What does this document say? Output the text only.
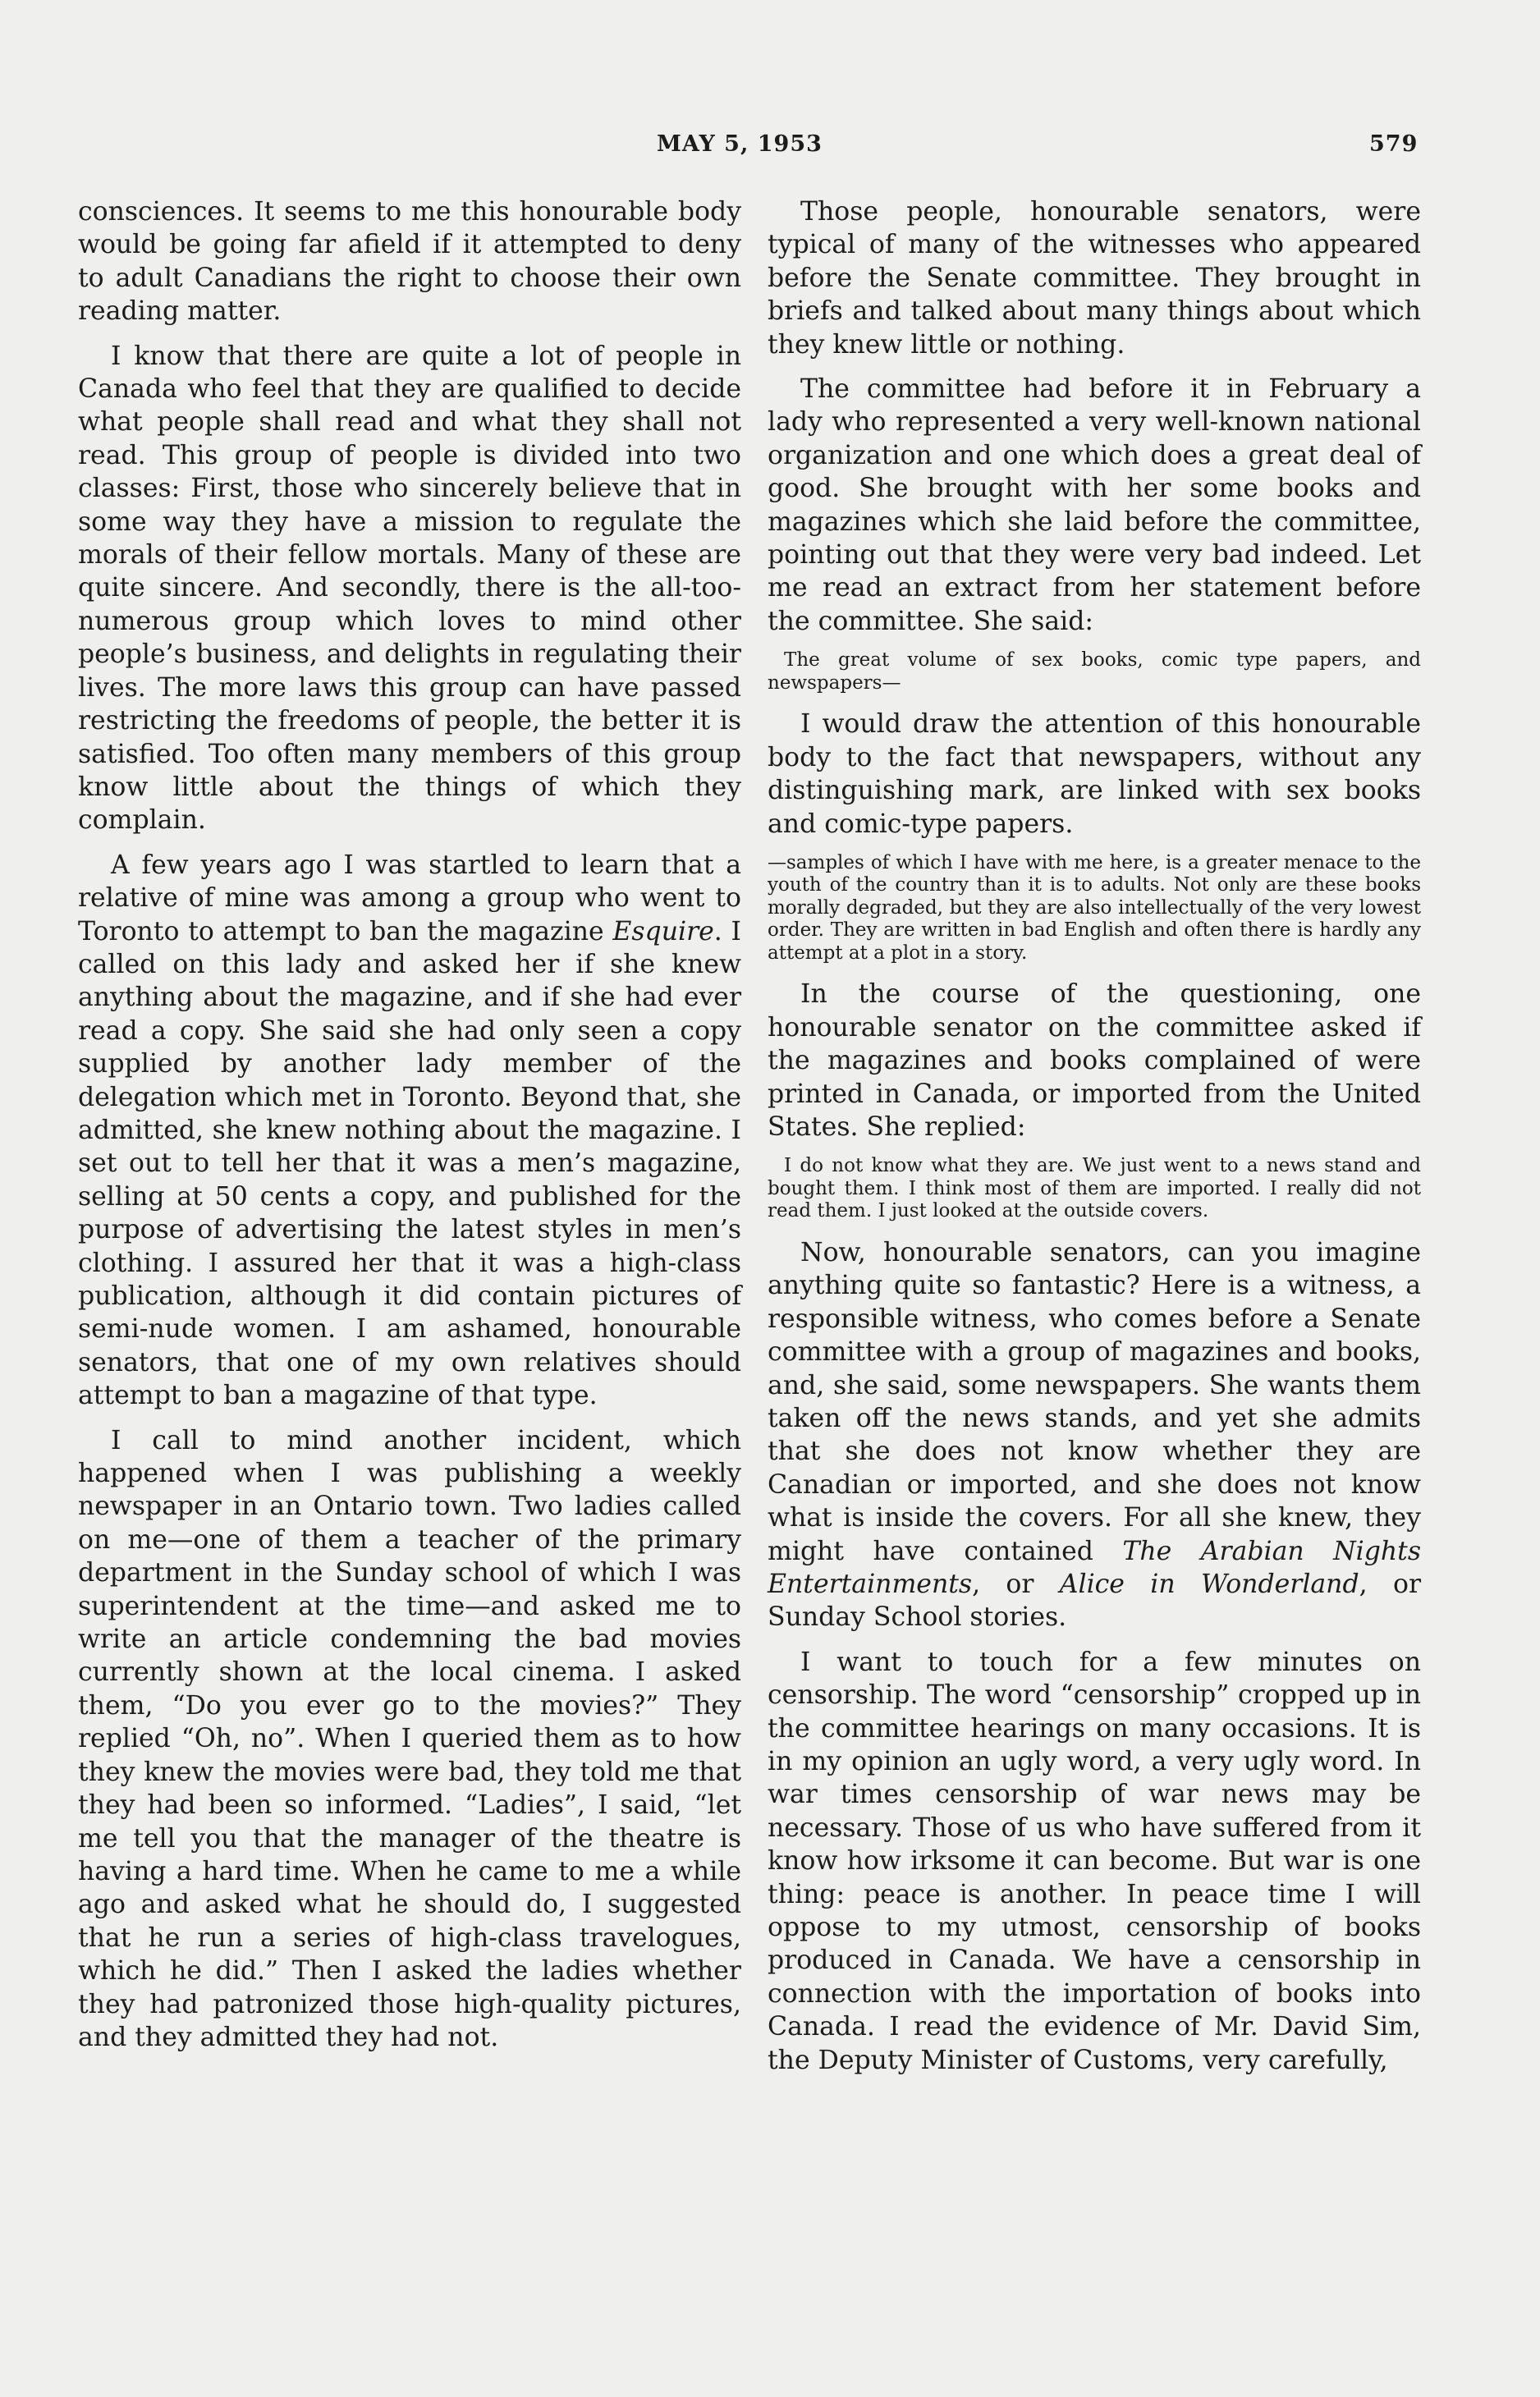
MAY 5, 1953	579

consciences. It seems to me this honourable body would be going far afield if it attempted to deny to adult Canadians the right to choose their own reading matter.

I know that there are quite a lot of people in Canada who feel that they are qualified to decide what people shall read and what they shall not read. This group of people is divided into two classes: First, those who sincerely believe that in some way they have a mission to regulate the morals of their fellow mortals. Many of these are quite sincere. And secondly, there is the all-too-numerous group which loves to mind other people’s business, and delights in regulating their lives. The more laws this group can have passed restricting the freedoms of people, the better it is satisfied. Too often many members of this group know little about the things of which they complain.

A few years ago I was startled to learn that a relative of mine was among a group who went to Toronto to attempt to ban the magazine Esquire. I called on this lady and asked her if she knew anything about the magazine, and if she had ever read a copy. She said she had only seen a copy supplied by another lady member of the delegation which met in Toronto. Beyond that, she admitted, she knew nothing about the magazine. I set out to tell her that it was a men’s magazine, selling at 50 cents a copy, and published for the purpose of advertising the latest styles in men’s clothing. I assured her that it was a high-class publication, although it did contain pictures of semi-nude women. I am ashamed, honourable senators, that one of my own relatives should attempt to ban a magazine of that type.

I call to mind another incident, which happened when I was publishing a weekly newspaper in an Ontario town. Two ladies called on me—one of them a teacher of the primary department in the Sunday school of which I was superintendent at the time—and asked me to write an article condemning the bad movies currently shown at the local cinema. I asked them, “Do you ever go to the movies?” They replied “Oh, no”. When I queried them as to how they knew the movies were bad, they told me that they had been so informed. “Ladies”, I said, “let me tell you that the manager of the theatre is having a hard time. When he came to me a while ago and asked what he should do, I suggested that he run a series of high-class travelogues, which he did.” Then I asked the ladies whether they had patronized those high-quality pictures, and they admitted they had not.

Those people, honourable senators, were typical of many of the witnesses who appeared before the Senate committee. They brought in briefs and talked about many things about which they knew little or nothing.

The committee had before it in February a lady who represented a very well-known national organization and one which does a great deal of good. She brought with her some books and magazines which she laid before the committee, pointing out that they were very bad indeed. Let me read an extract from her statement before the committee. She said:

The great volume of sex books, comic type papers, and newspapers—

I would draw the attention of this honourable body to the fact that newspapers, without any distinguishing mark, are linked with sex books and comic-type papers.

—samples of which I have with me here, is a greater menace to the youth of the country than it is to adults. Not only are these books morally degraded, but they are also intellectually of the very lowest order. They are written in bad English and often there is hardly any attempt at a plot in a story.

In the course of the questioning, one honourable senator on the committee asked if the magazines and books complained of were printed in Canada, or imported from the United States. She replied:

I do not know what they are. We just went to a news stand and bought them. I think most of them are imported. I really did not read them. I just looked at the outside covers.

Now, honourable senators, can you imagine anything quite so fantastic? Here is a witness, a responsible witness, who comes before a Senate committee with a group of magazines and books, and, she said, some newspapers. She wants them taken off the news stands, and yet she admits that she does not know whether they are Canadian or imported, and she does not know what is inside the covers. For all she knew, they might have contained The Arabian Nights Entertainments, or Alice in Wonderland, or Sunday School stories.

I want to touch for a few minutes on censorship. The word “censorship” cropped up in the committee hearings on many occasions. It is in my opinion an ugly word, a very ugly word. In war times censorship of war news may be necessary. Those of us who have suffered from it know how irksome it can become. But war is one thing: peace is another. In peace time I will oppose to my utmost, censorship of books produced in Canada. We have a censorship in connection with the importation of books into Canada. I read the evidence of Mr. David Sim, the Deputy Minister of Customs, very carefully,
